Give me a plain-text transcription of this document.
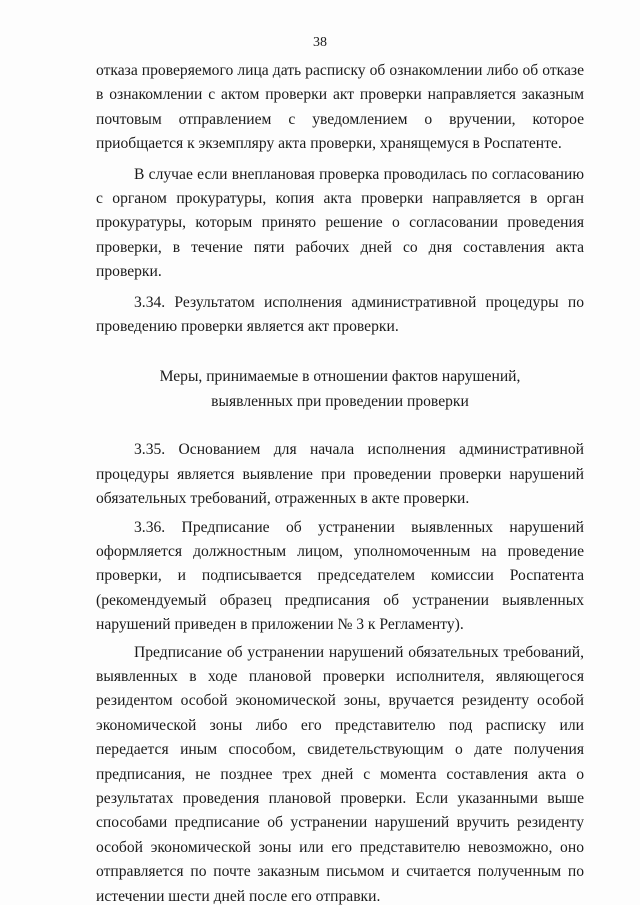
38

отказа проверяемого лица дать расписку об ознакомлении либо об отказе в ознакомлении с актом проверки акт проверки направляется заказным почтовым отправлением с уведомлением о вручении, которое приобщается к экземпляру акта проверки, хранящемуся в Роспатенте.

В случае если внеплановая проверка проводилась по согласованию с органом прокуратуры, копия акта проверки направляется в орган прокуратуры, которым принято решение о согласовании проведения проверки, в течение пяти рабочих дней со дня составления акта проверки.

3.34. Результатом исполнения административной процедуры по проведению проверки является акт проверки.

Меры, принимаемые в отношении фактов нарушений,
выявленных при проведении проверки

3.35. Основанием для начала исполнения административной процедуры является выявление при проведении проверки нарушений обязательных требований, отраженных в акте проверки.

3.36. Предписание об устранении выявленных нарушений оформляется должностным лицом, уполномоченным на проведение проверки, и подписывается председателем комиссии Роспатента (рекомендуемый образец предписания об устранении выявленных нарушений приведен в приложении № 3 к Регламенту).

Предписание об устранении нарушений обязательных требований, выявленных в ходе плановой проверки исполнителя, являющегося резидентом особой экономической зоны, вручается резиденту особой экономической зоны либо его представителю под расписку или передается иным способом, свидетельствующим о дате получения предписания, не позднее трех дней с момента составления акта о результатах проведения плановой проверки. Если указанными выше способами предписание об устранении нарушений вручить резиденту особой экономической зоны или его представителю невозможно, оно отправляется по почте заказным письмом и считается полученным по истечении шести дней после его отправки.
